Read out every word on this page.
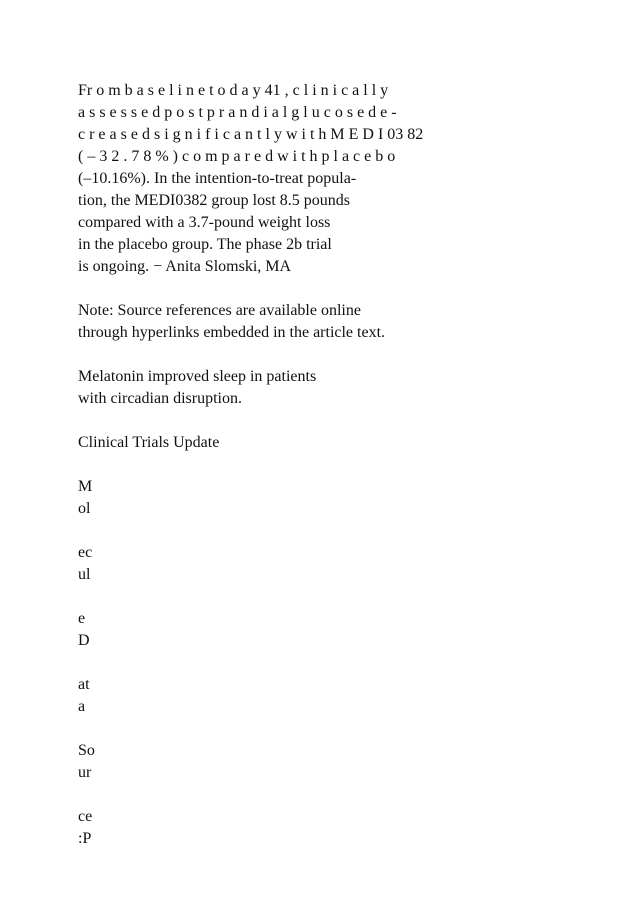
Fr o m b a s e l i n e t o d a y 41 , c l i n i c a l l y

a s s e s s e d p o s t p r a n d i a l g l u c o s e d e -

c r e a s e d s i g n i f i c a n t l y w i t h M E D I 03 82

( – 3 2 . 7 8 % ) c o m p a r e d w i t h p l a c e b o

(–10.16%). In the intention-to-treat popula-

tion, the MEDI0382 group lost 8.5 pounds

compared with a 3.7-pound weight loss

in the placebo group. The phase 2b trial

is ongoing. − Anita Slomski, MA

Note: Source references are available online

through hyperlinks embedded in the article text.

Melatonin improved sleep in patients

with circadian disruption.

Clinical Trials Update

M

ol

ec

ul

e

D

at

a

So

ur

ce

:P
